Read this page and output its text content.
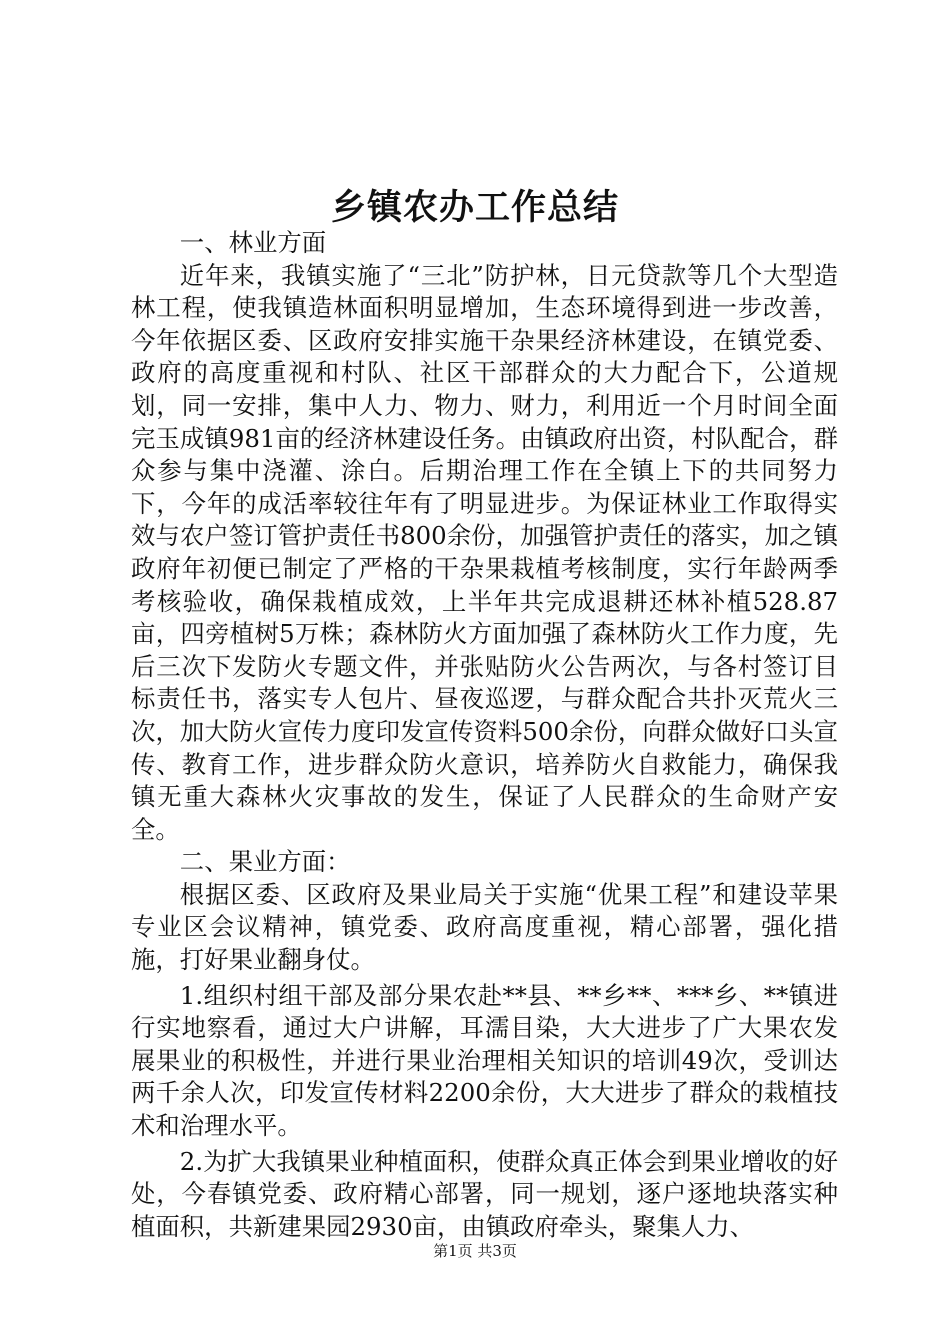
乡镇农办工作总结

一、林业方面

近年来，我镇实施了“三北”防护林，日元贷款等几个大型造林工程，使我镇造林面积明显增加，生态环境得到进一步改善，今年依据区委、区政府安排实施干杂果经济林建设，在镇党委、政府的高度重视和村队、社区干部群众的大力配合下，公道规划，同一安排，集中人力、物力、财力，利用近一个月时间全面完玉成镇981亩的经济林建设任务。由镇政府出资，村队配合，群众参与集中浇灌、涂白。后期治理工作在全镇上下的共同努力下，今年的成活率较往年有了明显进步。为保证林业工作取得实效与农户签订管护责任书800余份，加强管护责任的落实，加之镇政府年初便已制定了严格的干杂果栽植考核制度，实行年龄两季考核验收，确保栽植成效，上半年共完成退耕还林补植528.87亩，四旁植树5万株；森林防火方面加强了森林防火工作力度，先后三次下发防火专题文件，并张贴防火公告两次，与各村签订目标责任书，落实专人包片、昼夜巡逻，与群众配合共扑灭荒火三次，加大防火宣传力度印发宣传资料500余份，向群众做好口头宣传、教育工作，进步群众防火意识，培养防火自救能力，确保我镇无重大森林火灾事故的发生，保证了人民群众的生命财产安全。

二、果业方面：

根据区委、区政府及果业局关于实施“优果工程”和建设苹果专业区会议精神，镇党委、政府高度重视，精心部署，强化措施，打好果业翻身仗。

1.组织村组干部及部分果农赴**县、**乡**、***乡、**镇进行实地察看，通过大户讲解，耳濡目染，大大进步了广大果农发展果业的积极性，并进行果业治理相关知识的培训49次，受训达两千余人次，印发宣传材料2200余份，大大进步了群众的栽植技术和治理水平。

2.为扩大我镇果业种植面积，使群众真正体会到果业增收的好处，今春镇党委、政府精心部署，同一规划，逐户逐地块落实种植面积，共新建果园2930亩，由镇政府牵头，聚集人力、

第1页 共3页
